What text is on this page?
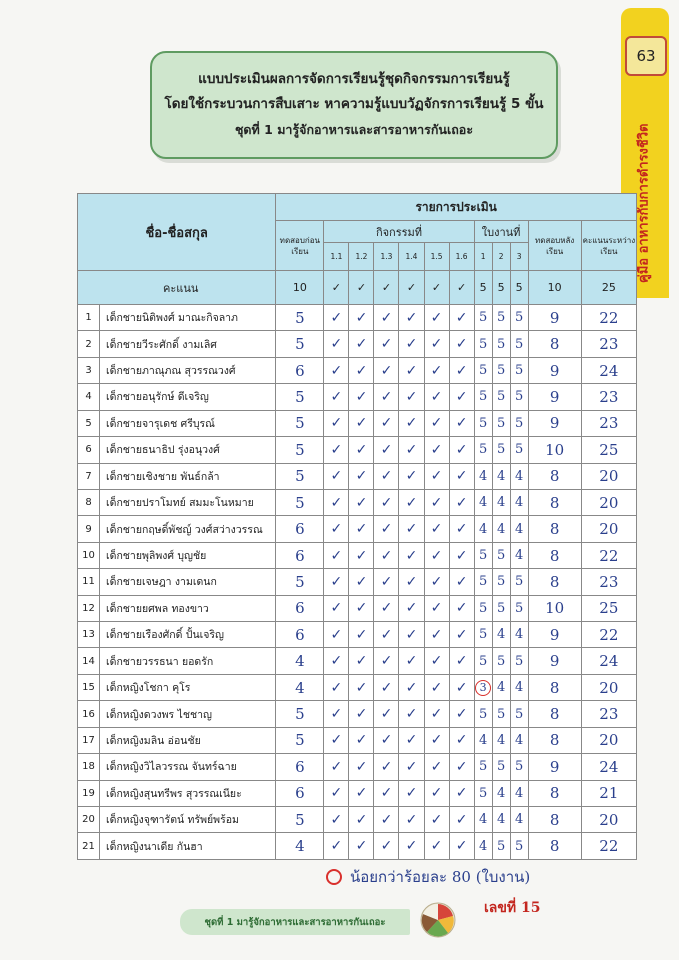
63
คู่มือ อาหารกับการดำรงชีวิต
แบบประเมินผลการจัดการเรียนรู้ชุดกิจกรรมการเรียนรู้
โดยใช้กระบวนการสืบเสาะ หาความรู้แบบวัฏจักรการเรียนรู้ 5 ขั้น
ชุดที่ 1 มารู้จักอาหารและสารอาหารกันเถอะ
ชื่อ-ชื่อสกุล		รายการประเมิน											
		ทดสอบก่อนเรียน	กิจกรรมที่						ใบงานที่			ทดสอบหลังเรียน	คะแนนระหว่างเรียน
			1.1	1.2	1.3	1.4	1.5	1.6	1	2	3		
คะแนน		10	✓	✓	✓	✓	✓	✓	5	5	5	10	25
1	เด็กชายนิติพงศ์ มาณะกิจลาภ	5	✓	✓	✓	✓	✓	✓	5	5	5	9	22
2	เด็กชายวีระศักดิ์ งามเลิศ	5	✓	✓	✓	✓	✓	✓	5	5	5	8	23
3	เด็กชายภาณุภณ สุวรรณวงศ์	6	✓	✓	✓	✓	✓	✓	5	5	5	9	24
4	เด็กชายอนุรักษ์ ดีเจริญ	5	✓	✓	✓	✓	✓	✓	5	5	5	9	23
5	เด็กชายจารุเดช ศรีบุรณ์	5	✓	✓	✓	✓	✓	✓	5	5	5	9	23
6	เด็กชายธนาธิป รุ่งอนุวงศ์	5	✓	✓	✓	✓	✓	✓	5	5	5	10	25
7	เด็กชายเชิงชาย พันธ์กล้า	5	✓	✓	✓	✓	✓	✓	4	4	4	8	20
8	เด็กชายปราโมทย์ สมมะโนหมาย	5	✓	✓	✓	✓	✓	✓	4	4	4	8	20
9	เด็กชายกฤษดิ์พัชญ์ วงศ์สว่างวรรณ	6	✓	✓	✓	✓	✓	✓	4	4	4	8	20
10	เด็กชายพุลิพงศ์ บุญชัย	6	✓	✓	✓	✓	✓	✓	5	5	4	8	22
11	เด็กชายเจษฎา งามเดนก	5	✓	✓	✓	✓	✓	✓	5	5	5	8	23
12	เด็กชายยศพล ทองขาว	6	✓	✓	✓	✓	✓	✓	5	5	5	10	25
13	เด็กชายเรืองศักดิ์ ปั้นเจริญ	6	✓	✓	✓	✓	✓	✓	5	4	4	9	22
14	เด็กชายวรรธนา ยอดรัก	4	✓	✓	✓	✓	✓	✓	5	5	5	9	24
15	เด็กหญิงโชกา คุโร	4	✓	✓	✓	✓	✓	✓	3	4	4	8	20
16	เด็กหญิงดวงพร ไชชาญ	5	✓	✓	✓	✓	✓	✓	5	5	5	8	23
17	เด็กหญิงมลิน อ่อนชัย	5	✓	✓	✓	✓	✓	✓	4	4	4	8	20
18	เด็กหญิงวิไลวรรณ จันทร์ฉาย	6	✓	✓	✓	✓	✓	✓	5	5	5	9	24
19	เด็กหญิงสุนทรีพร สุวรรณเนียะ	6	✓	✓	✓	✓	✓	✓	5	4	4	8	21
20	เด็กหญิงจุฑารัตน์ ทรัพย์พร้อม	5	✓	✓	✓	✓	✓	✓	4	4	4	8	20
21	เด็กหญิงนาเดีย กันฮา	4	✓	✓	✓	✓	✓	✓	4	5	5	8	22
น้อยกว่าร้อยละ 80 (ใบงาน)
เลขที่ 15
ชุดที่ 1 มารู้จักอาหารและสารอาหารกันเถอะ
